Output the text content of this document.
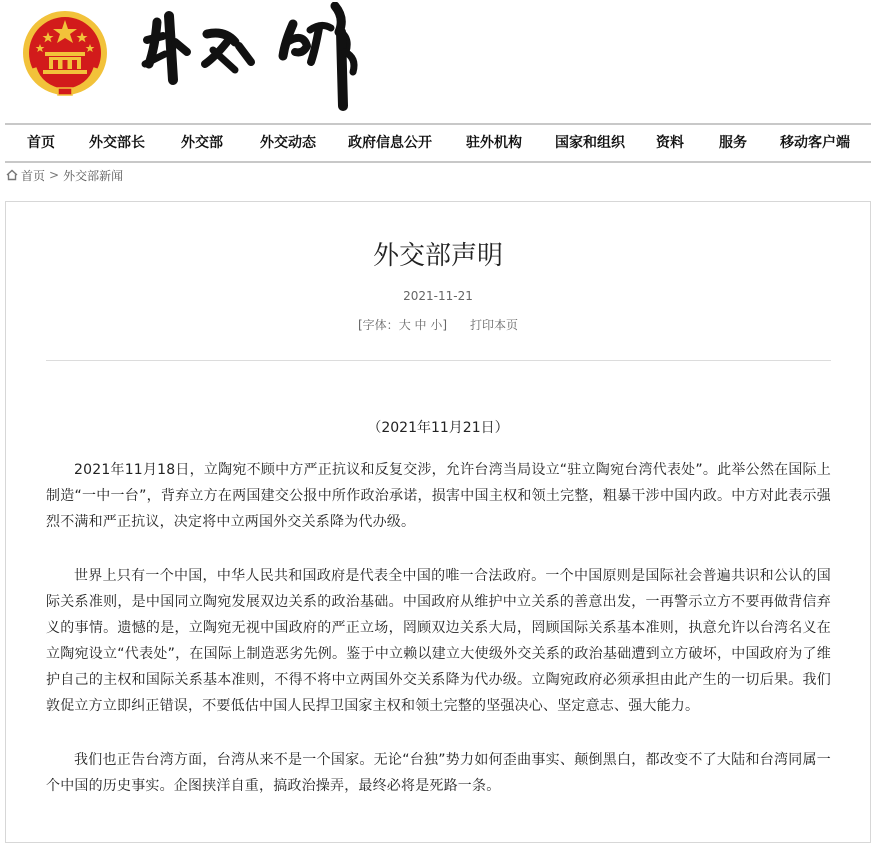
首页 外交部长	外交部	外交动态 政府信息公开 驻外机构 国家和组织 资料	服务 移动客户端
首页 > 外交部新闻
外交部声明
2021-11-21
[字体：大 中 小] 打印本页
（2021年11月21日）

2021年11月18日，立陶宛不顾中方严正抗议和反复交涉，允许台湾当局设立“驻立陶宛台湾代表处”。此举公然在国际上制造“一中一台”，背弃立方在两国建交公报中所作政治承诺，损害中国主权和领土完整，粗暴干涉中国内政。中方对此表示强烈不满和严正抗议，决定将中立两国外交关系降为代办级。

世界上只有一个中国，中华人民共和国政府是代表全中国的唯一合法政府。一个中国原则是国际社会普遍共识和公认的国际关系准则，是中国同立陶宛发展双边关系的政治基础。中国政府从维护中立关系的善意出发，一再警示立方不要再做背信弃义的事情。遗憾的是，立陶宛无视中国政府的严正立场，罔顾双边关系大局，罔顾国际关系基本准则，执意允许以台湾名义在立陶宛设立“代表处”，在国际上制造恶劣先例。鉴于中立赖以建立大使级外交关系的政治基础遭到立方破坏，中国政府为了维护自己的主权和国际关系基本准则，不得不将中立两国外交关系降为代办级。立陶宛政府必须承担由此产生的一切后果。我们敦促立方立即纠正错误，不要低估中国人民捍卫国家主权和领土完整的坚强决心、坚定意志、强大能力。

我们也正告台湾方面，台湾从来不是一个国家。无论“台独”势力如何歪曲事实、颠倒黑白，都改变不了大陆和台湾同属一个中国的历史事实。企图挟洋自重，搞政治操弄，最终必将是死路一条。
